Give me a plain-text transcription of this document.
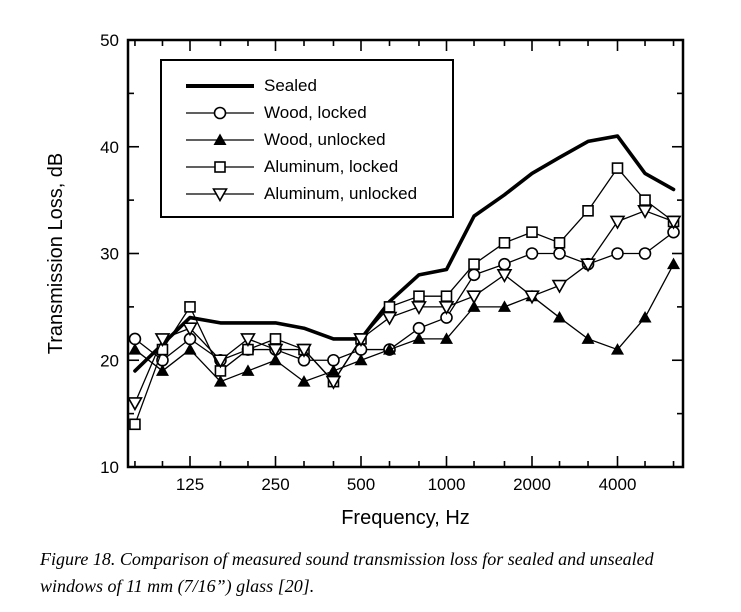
125	250	500	1000	2000	4000
10
20
30
40
50
Frequency, Hz
Transmission Loss, dB
Sealed
Wood, locked
Wood, unlocked
Aluminum, locked
Aluminum, unlocked
Figure 18. Comparison of measured sound transmission loss for sealed and unsealed
windows of 11 mm (7/16”) glass [20].
